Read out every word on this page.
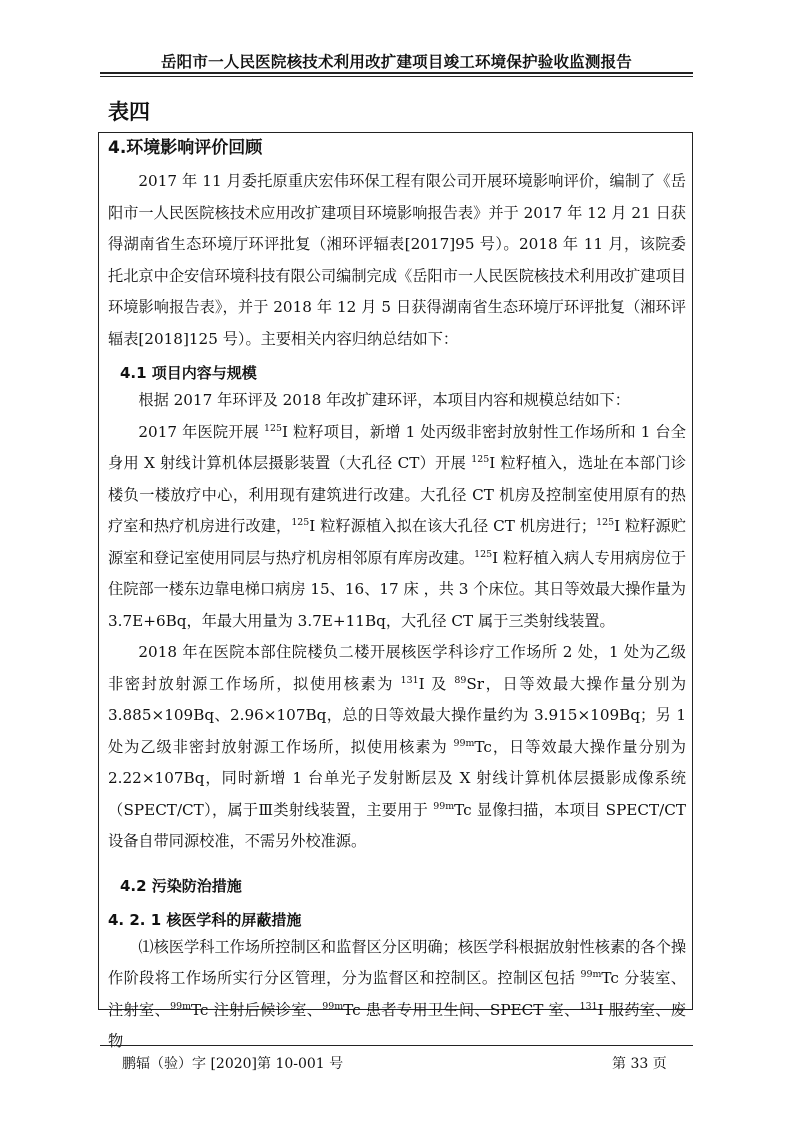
岳阳市一人民医院核技术利用改扩建项目竣工环境保护验收监测报告
表四
4.环境影响评价回顾

2017 年 11 月委托原重庆宏伟环保工程有限公司开展环境影响评价，编制了《岳阳市一人民医院核技术应用改扩建项目环境影响报告表》并于 2017 年 12 月 21 日获得湖南省生态环境厅环评批复（湘环评辐表[2017]95 号）。2018 年 11 月，该院委托北京中企安信环境科技有限公司编制完成《岳阳市一人民医院核技术利用改扩建项目环境影响报告表》，并于 2018 年 12 月 5 日获得湖南省生态环境厅环评批复（湘环评辐表[2018]125 号）。主要相关内容归纳总结如下：

4.1 项目内容与规模

根据 2017 年环评及 2018 年改扩建环评，本项目内容和规模总结如下：

2017 年医院开展 $^{125}$I 粒籽项目，新增 1 处丙级非密封放射性工作场所和 1 台全身用 X 射线计算机体层摄影装置（大孔径 CT）开展 $^{125}$I 粒籽植入，选址在本部门诊楼负一楼放疗中心，利用现有建筑进行改建。大孔径 CT 机房及控制室使用原有的热疗室和热疗机房进行改建，$^{125}$I 粒籽源植入拟在该大孔径 CT 机房进行；$^{125}$I 粒籽源贮源室和登记室使用同层与热疗机房相邻原有库房改建。$^{125}$I 粒籽植入病人专用病房位于住院部一楼东边靠电梯口病房 15、16、17 床 ，共 3 个床位。其日等效最大操作量为 3.7E+6Bq，年最大用量为 3.7E+11Bq，大孔径 CT 属于三类射线装置。

2018 年在医院本部住院楼负二楼开展核医学科诊疗工作场所 2 处，1 处为乙级非密封放射源工作场所，拟使用核素为 $^{131}$I 及 $^{89}$Sr，日等效最大操作量分别为 3.885×109Bq、2.96×107Bq，总的日等效最大操作量约为 3.915×109Bq；另 1 处为乙级非密封放射源工作场所，拟使用核素为 $^{99m}$Tc，日等效最大操作量分别为 2.22×107Bq，同时新增 1 台单光子发射断层及 X 射线计算机体层摄影成像系统（SPECT/CT），属于Ⅲ类射线装置，主要用于 $^{99m}$Tc 显像扫描，本项目 SPECT/CT 设备自带同源校准，不需另外校准源。

4.2 污染防治措施
4. 2. 1 核医学科的屏蔽措施

⑴核医学科工作场所控制区和监督区分区明确；核医学科根据放射性核素的各个操作阶段将工作场所实行分区管理，分为监督区和控制区。控制区包括 $^{99m}$Tc 分装室、注射室、$^{99m}$Tc 注射后候诊室、$^{99m}$Tc 患者专用卫生间、SPECT 室、$^{131}$I 服药室、废物

鹏辐（验）字 [2020]第 10-001 号	第 33 页
